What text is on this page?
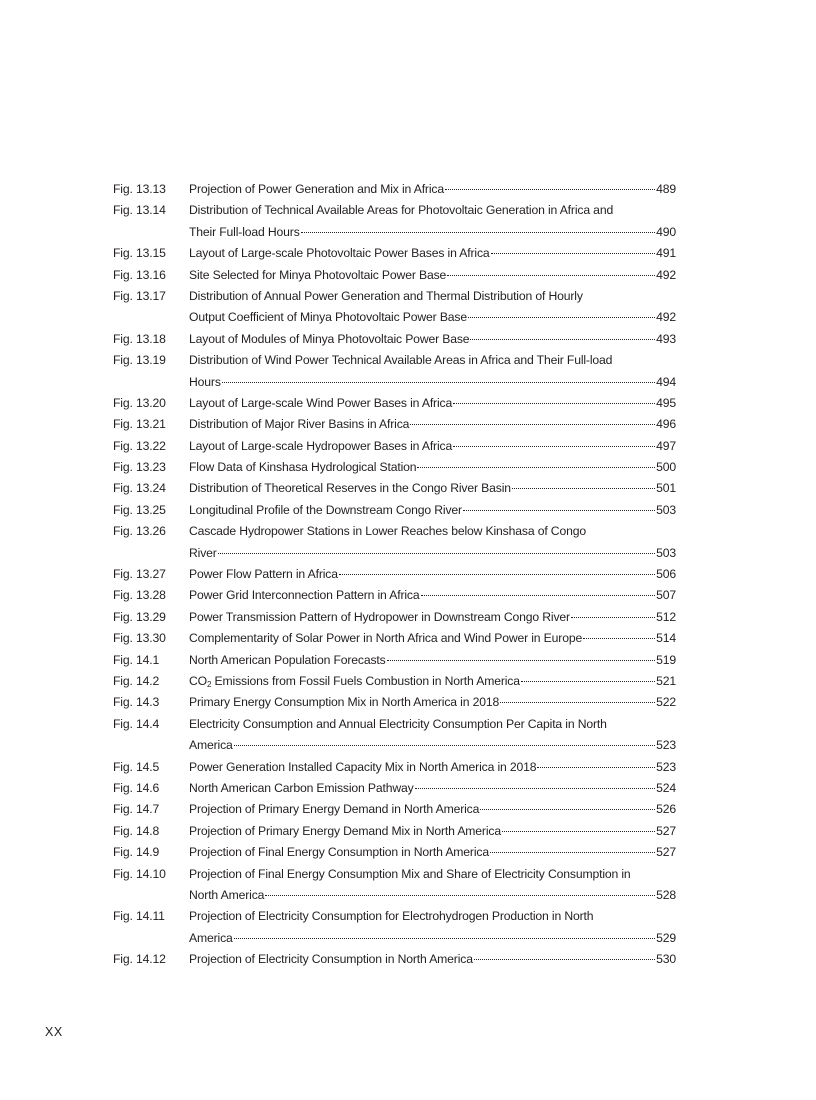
Fig. 13.13	Projection of Power Generation and Mix in Africa	489
Fig. 13.14	Distribution of Technical Available Areas for Photovoltaic Generation in Africa and
Their Full-load Hours	490
Fig. 13.15	Layout of Large-scale Photovoltaic Power Bases in Africa	491
Fig. 13.16	Site Selected for Minya Photovoltaic Power Base	492
Fig. 13.17	Distribution of Annual Power Generation and Thermal Distribution of Hourly
Output Coefficient of Minya Photovoltaic Power Base	492
Fig. 13.18	Layout of Modules of Minya Photovoltaic Power Base	493
Fig. 13.19	Distribution of Wind Power Technical Available Areas in Africa and Their Full-load
Hours	494
Fig. 13.20	Layout of Large-scale Wind Power Bases in Africa	495
Fig. 13.21	Distribution of Major River Basins in Africa	496
Fig. 13.22	Layout of Large-scale Hydropower Bases in Africa	497
Fig. 13.23	Flow Data of Kinshasa Hydrological Station	500
Fig. 13.24	Distribution of Theoretical Reserves in the Congo River Basin	501
Fig. 13.25	Longitudinal Profile of the Downstream Congo River	503
Fig. 13.26	Cascade Hydropower Stations in Lower Reaches below Kinshasa of Congo
River	503
Fig. 13.27	Power Flow Pattern in Africa	506
Fig. 13.28	Power Grid Interconnection Pattern in Africa	507
Fig. 13.29	Power Transmission Pattern of Hydropower in Downstream Congo River	512
Fig. 13.30	Complementarity of Solar Power in North Africa and Wind Power in Europe	514
Fig. 14.1	North American Population Forecasts	519
Fig. 14.2	$CO_2$ Emissions from Fossil Fuels Combustion in North America	521
Fig. 14.3	Primary Energy Consumption Mix in North America in 2018	522
Fig. 14.4	Electricity Consumption and Annual Electricity Consumption Per Capita in North
America	523
Fig. 14.5	Power Generation Installed Capacity Mix in North America in 2018	523
Fig. 14.6	North American Carbon Emission Pathway	524
Fig. 14.7	Projection of Primary Energy Demand in North America	526
Fig. 14.8	Projection of Primary Energy Demand Mix in North America	527
Fig. 14.9	Projection of Final Energy Consumption in North America	527
Fig. 14.10	Projection of Final Energy Consumption Mix and Share of Electricity Consumption in
North America	528
Fig. 14.11	Projection of Electricity Consumption for Electrohydrogen Production in North
America	529
Fig. 14.12	Projection of Electricity Consumption in North America	530
XX
